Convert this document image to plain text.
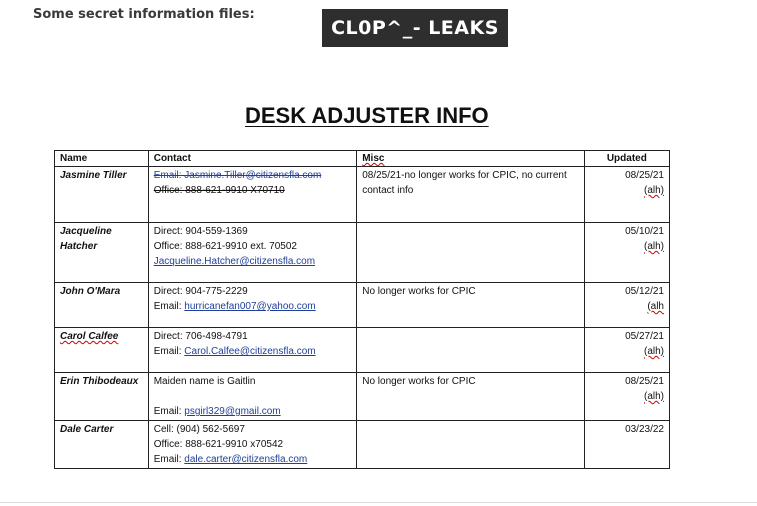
Some secret information files:
CL0P^_- LEAKS
DESK ADJUSTER INFO
Name	Contact	Misc	Updated
Jasmine Tiller	Email: Jasmine.Tiller@citizensfla.com
Office: 888-621-9910 X70710	08/25/21-no longer works for CPIC, no current contact info	08/25/21
(alh)

Jacqueline Hatcher	Direct: 904-559-1369
Office: 888-621-9910 ext. 70502
Jacqueline.Hatcher@citizensfla.com		05/10/21
(alh)

John O'Mara	Direct: 904-775-2229
Email: hurricanefan007@yahoo.com	No longer works for CPIC	05/12/21
(alh

Carol Calfee	Direct: 706-498-4791
Email: Carol.Calfee@citizensfla.com		05/27/21
(alh)

Erin Thibodeaux	Maiden name is Gaitlin
Email: psgirl329@gmail.com	No longer works for CPIC	08/25/21
(alh)

Dale Carter	Cell: (904) 562-5697
Office: 888-621-9910 x70542
Email: dale.carter@citizensfla.com		03/23/22
